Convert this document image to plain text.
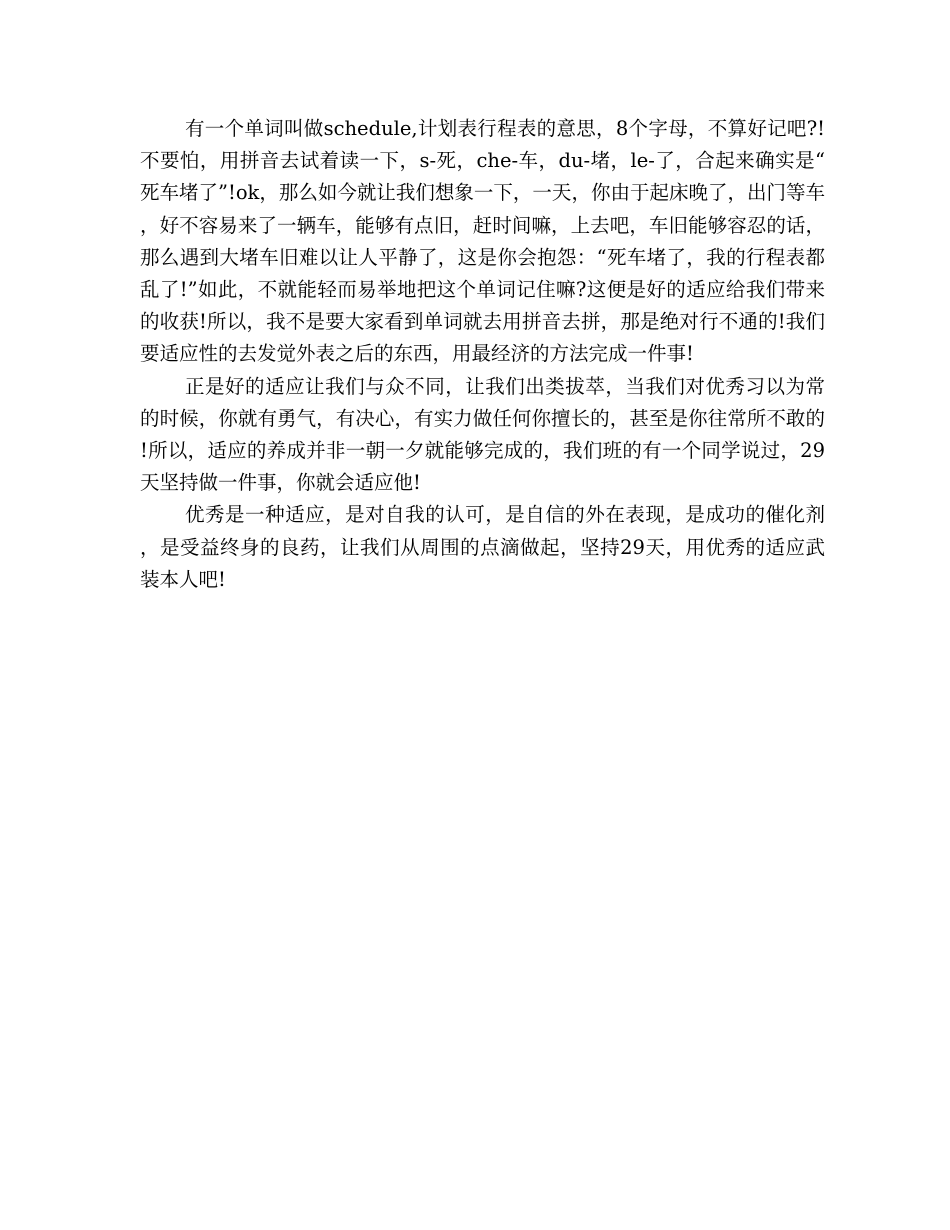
有一个单词叫做schedule,计划表行程表的意思，8个字母，不算好记吧?!不要怕，用拼音去试着读一下，s-死，che-车，du-堵，le-了，合起来确实是“死车堵了”!ok，那么如今就让我们想象一下，一天，你由于起床晚了，出门等车，好不容易来了一辆车，能够有点旧，赶时间嘛，上去吧，车旧能够容忍的话，那么遇到大堵车旧难以让人平静了，这是你会抱怨：“死车堵了，我的行程表都乱了!”如此，不就能轻而易举地把这个单词记住嘛?这便是好的适应给我们带来的收获!所以，我不是要大家看到单词就去用拼音去拼，那是绝对行不通的!我们要适应性的去发觉外表之后的东西，用最经济的方法完成一件事!

正是好的适应让我们与众不同，让我们出类拔萃，当我们对优秀习以为常的时候，你就有勇气，有决心，有实力做任何你擅长的，甚至是你往常所不敢的!所以，适应的养成并非一朝一夕就能够完成的，我们班的有一个同学说过，29天坚持做一件事，你就会适应他!

优秀是一种适应，是对自我的认可，是自信的外在表现，是成功的催化剂，是受益终身的良药，让我们从周围的点滴做起，坚持29天，用优秀的适应武装本人吧!
